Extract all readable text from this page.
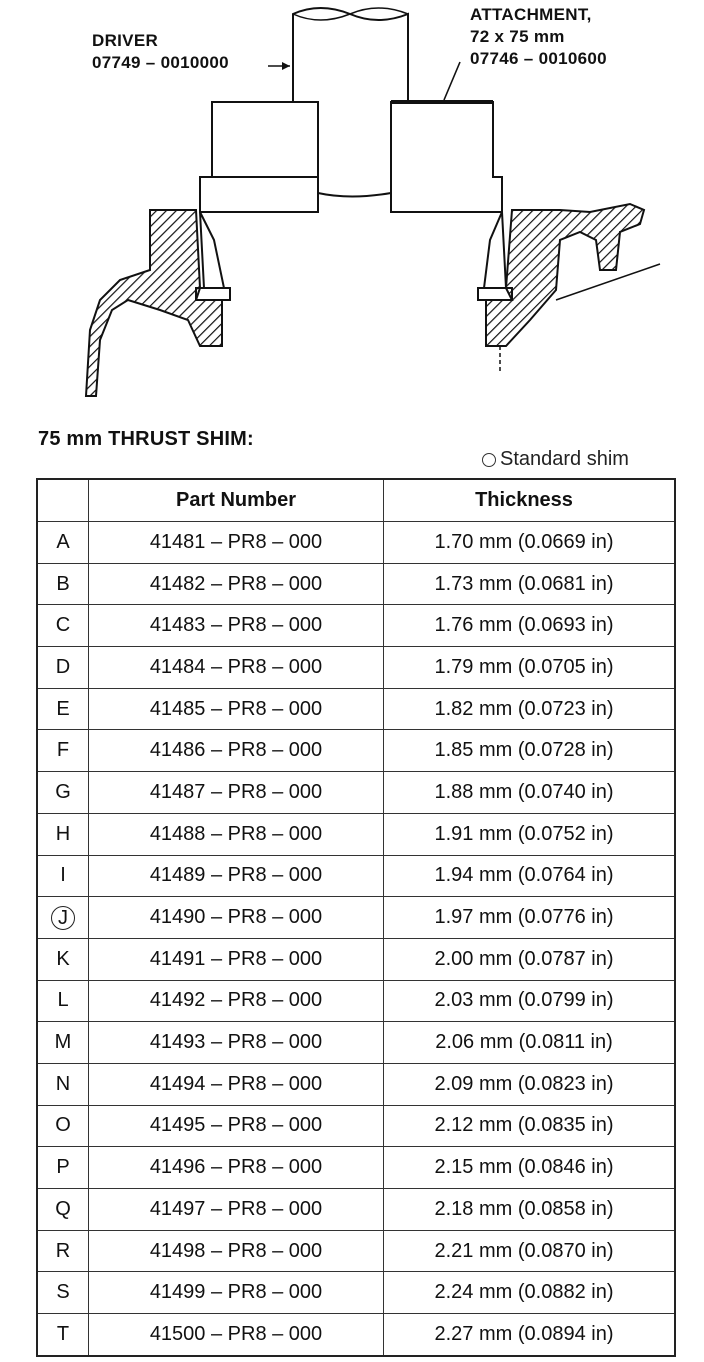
DRIVER
07749 – 0010000
ATTACHMENT,
72 x 75 mm
07746 – 0010600
75 mm THRUST SHIM:
Standard shim
	Part Number	Thickness
A	41481 – PR8 – 000	1.70 mm (0.0669 in)
B	41482 – PR8 – 000	1.73 mm (0.0681 in)
C	41483 – PR8 – 000	1.76 mm (0.0693 in)
D	41484 – PR8 – 000	1.79 mm (0.0705 in)
E	41485 – PR8 – 000	1.82 mm (0.0723 in)
F	41486 – PR8 – 000	1.85 mm (0.0728 in)
G	41487 – PR8 – 000	1.88 mm (0.0740 in)
H	41488 – PR8 – 000	1.91 mm (0.0752 in)
I	41489 – PR8 – 000	1.94 mm (0.0764 in)
J	41490 – PR8 – 000	1.97 mm (0.0776 in)
K	41491 – PR8 – 000	2.00 mm (0.0787 in)
L	41492 – PR8 – 000	2.03 mm (0.0799 in)
M	41493 – PR8 – 000	2.06 mm (0.0811 in)
N	41494 – PR8 – 000	2.09 mm (0.0823 in)
O	41495 – PR8 – 000	2.12 mm (0.0835 in)
P	41496 – PR8 – 000	2.15 mm (0.0846 in)
Q	41497 – PR8 – 000	2.18 mm (0.0858 in)
R	41498 – PR8 – 000	2.21 mm (0.0870 in)
S	41499 – PR8 – 000	2.24 mm (0.0882 in)
T	41500 – PR8 – 000	2.27 mm (0.0894 in)
